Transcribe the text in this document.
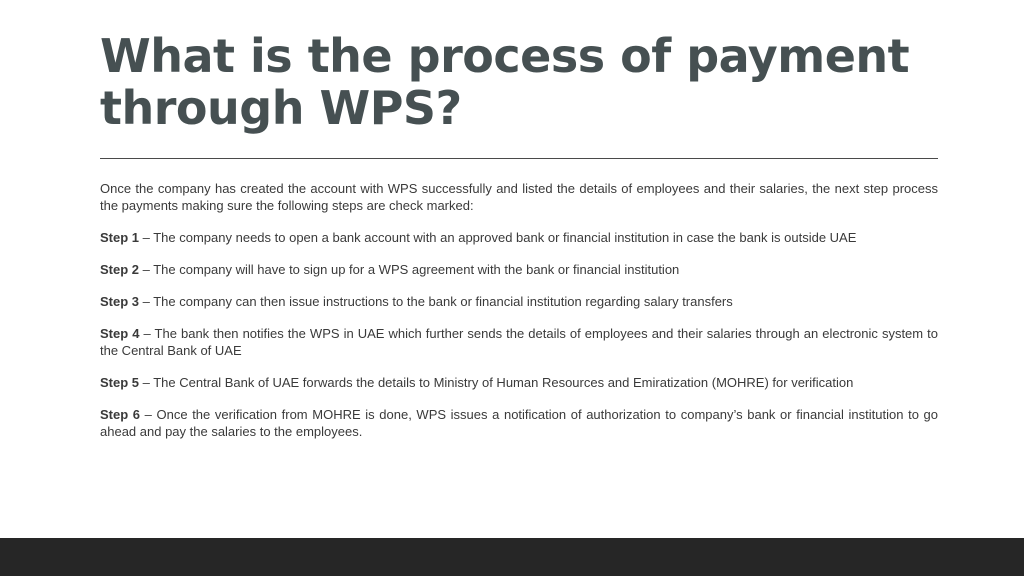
What is the process of payment through WPS?

Once the company has created the account with WPS successfully and listed the details of employees and their salaries, the next step process the payments making sure the following steps are check marked:

Step 1 – The company needs to open a bank account with an approved bank or financial institution in case the bank is outside UAE

Step 2 – The company will have to sign up for a WPS agreement with the bank or financial institution

Step 3 – The company can then issue instructions to the bank or financial institution regarding salary transfers

Step 4 – The bank then notifies the WPS in UAE which further sends the details of employees and their salaries through an electronic system to the Central Bank of UAE

Step 5 – The Central Bank of UAE forwards the details to Ministry of Human Resources and Emiratization (MOHRE) for verification

Step 6 – Once the verification from MOHRE is done, WPS issues a notification of authorization to company’s bank or financial institution to go ahead and pay the salaries to the employees.
